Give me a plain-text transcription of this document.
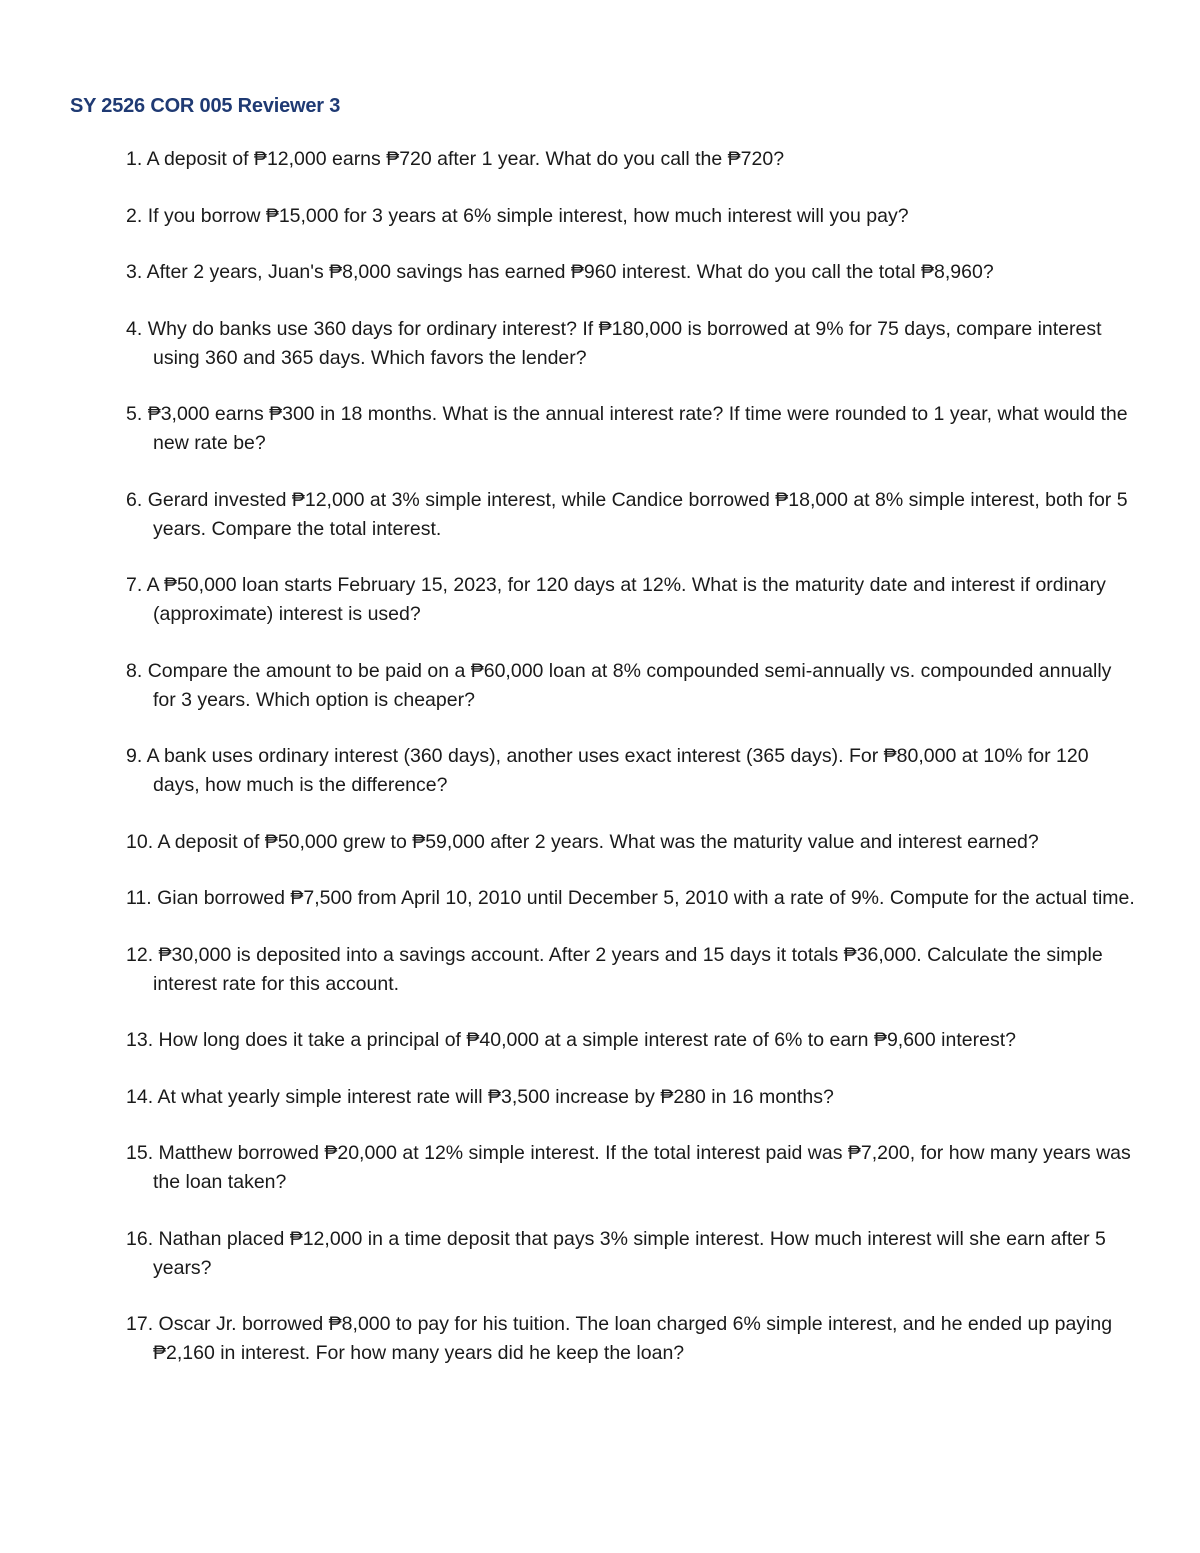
SY 2526 COR 005 Reviewer 3
1. A deposit of ₱12,000 earns ₱720 after 1 year. What do you call the ₱720?
2. If you borrow ₱15,000 for 3 years at 6% simple interest, how much interest will you pay?
3. After 2 years, Juan's ₱8,000 savings has earned ₱960 interest. What do you call the total ₱8,960?
4. Why do banks use 360 days for ordinary interest? If ₱180,000 is borrowed at 9% for 75 days, compare interest using 360 and 365 days. Which favors the lender?
5. ₱3,000 earns ₱300 in 18 months. What is the annual interest rate? If time were rounded to 1 year, what would the new rate be?
6. Gerard invested ₱12,000 at 3% simple interest, while Candice borrowed ₱18,000 at 8% simple interest, both for 5 years. Compare the total interest.
7. A ₱50,000 loan starts February 15, 2023, for 120 days at 12%. What is the maturity date and interest if ordinary (approximate) interest is used?
8. Compare the amount to be paid on a ₱60,000 loan at 8% compounded semi-annually vs. compounded annually for 3 years. Which option is cheaper?
9. A bank uses ordinary interest (360 days), another uses exact interest (365 days). For ₱80,000 at 10% for 120 days, how much is the difference?
10. A deposit of ₱50,000 grew to ₱59,000 after 2 years. What was the maturity value and interest earned?
11. Gian borrowed ₱7,500 from April 10, 2010 until December 5, 2010 with a rate of 9%. Compute for the actual time.
12. ₱30,000 is deposited into a savings account. After 2 years and 15 days it totals ₱36,000. Calculate the simple interest rate for this account.
13. How long does it take a principal of ₱40,000 at a simple interest rate of 6% to earn ₱9,600 interest?
14. At what yearly simple interest rate will ₱3,500 increase by ₱280 in 16 months?
15. Matthew borrowed ₱20,000 at 12% simple interest. If the total interest paid was ₱7,200, for how many years was the loan taken?
16. Nathan placed ₱12,000 in a time deposit that pays 3% simple interest. How much interest will she earn after 5 years?
17. Oscar Jr. borrowed ₱8,000 to pay for his tuition. The loan charged 6% simple interest, and he ended up paying ₱2,160 in interest. For how many years did he keep the loan?
